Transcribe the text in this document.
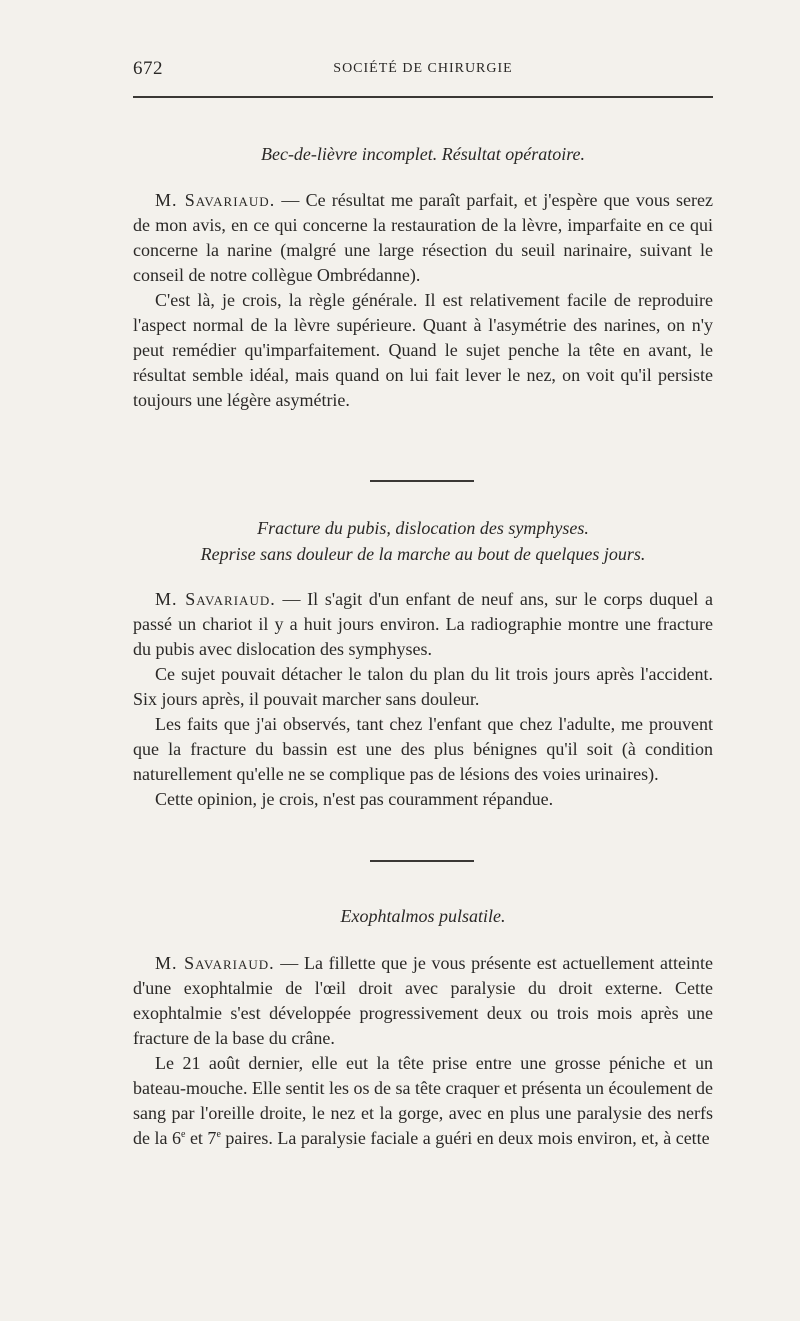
672	SOCIÉTÉ DE CHIRURGIE

Bec-de-lièvre incomplet. Résultat opératoire.

M. Savariaud. — Ce résultat me paraît parfait, et j'espère que vous serez de mon avis, en ce qui concerne la restauration de la lèvre, imparfaite en ce qui concerne la narine (malgré une large résection du seuil narinaire, suivant le conseil de notre collègue Ombrédanne).

C'est là, je crois, la règle générale. Il est relativement facile de reproduire l'aspect normal de la lèvre supérieure. Quant à l'asymétrie des narines, on n'y peut remédier qu'imparfaitement. Quand le sujet penche la tête en avant, le résultat semble idéal, mais quand on lui fait lever le nez, on voit qu'il persiste toujours une légère asymétrie.

Fracture du pubis, dislocation des symphyses.

Reprise sans douleur de la marche au bout de quelques jours.

M. Savariaud. — Il s'agit d'un enfant de neuf ans, sur le corps duquel a passé un chariot il y a huit jours environ. La radiographie montre une fracture du pubis avec dislocation des symphyses.

Ce sujet pouvait détacher le talon du plan du lit trois jours après l'accident. Six jours après, il pouvait marcher sans douleur.

Les faits que j'ai observés, tant chez l'enfant que chez l'adulte, me prouvent que la fracture du bassin est une des plus bénignes qu'il soit (à condition naturellement qu'elle ne se complique pas de lésions des voies urinaires).

Cette opinion, je crois, n'est pas couramment répandue.

Exophtalmos pulsatile.

M. Savariaud. — La fillette que je vous présente est actuellement atteinte d'une exophtalmie de l'œil droit avec paralysie du droit externe. Cette exophtalmie s'est développée progressivement deux ou trois mois après une fracture de la base du crâne.

Le 21 août dernier, elle eut la tête prise entre une grosse péniche et un bateau-mouche. Elle sentit les os de sa tête craquer et présenta un écoulement de sang par l'oreille droite, le nez et la gorge, avec en plus une paralysie des nerfs de la 6e et 7e paires. La paralysie faciale a guéri en deux mois environ, et, à cette
